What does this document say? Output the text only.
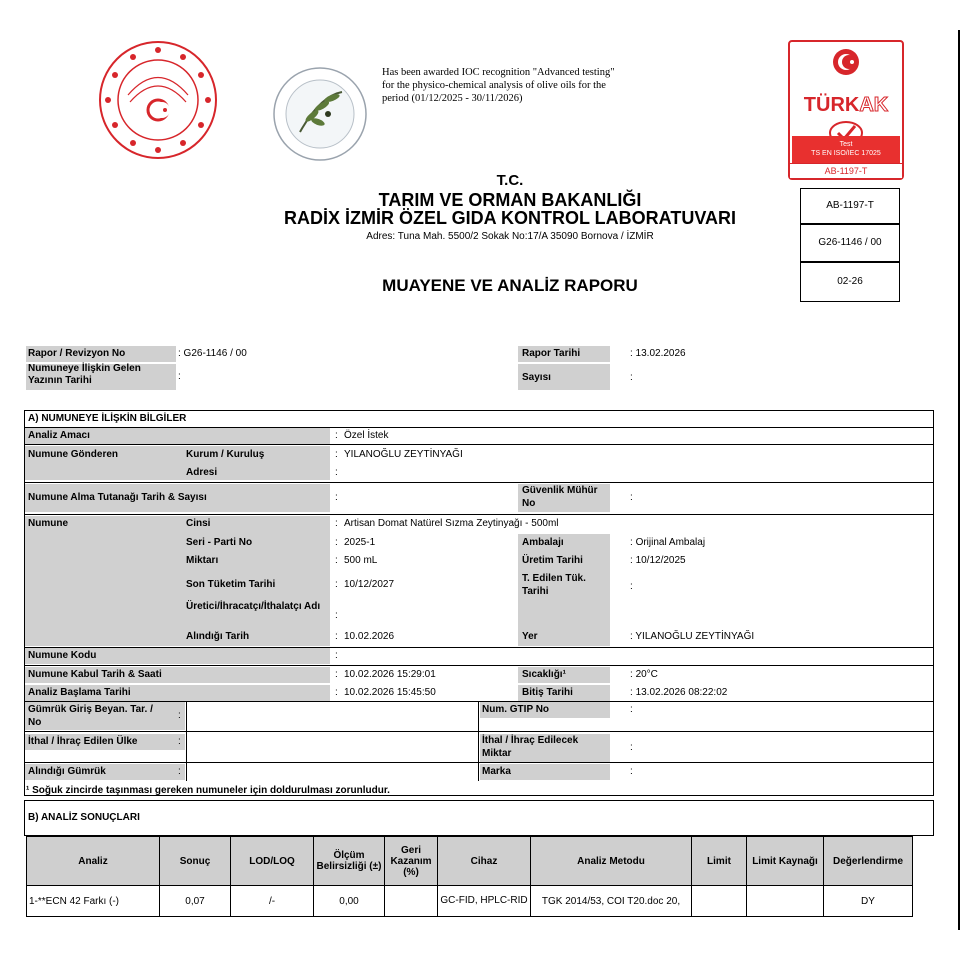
Has been awarded IOC recognition "Advanced testing" for the physico-chemical analysis of olive oils for the period (01/12/2025 - 30/11/2026)	TÜRKAK
Test
TS EN ISO/IEC 17025
AB-1197-T
AB-1197-T
G26-1146 / 00
02-26
T.C.
TARIM VE ORMAN BAKANLIĞI
RADİX İZMİR ÖZEL GIDA KONTROL LABORATUVARI
Adres: Tuna Mah. 5500/2 Sokak No:17/A 35090 Bornova / İZMİR
MUAYENE VE ANALİZ RAPORU
Rapor / Revizyon No	: G26-1146 / 00	Rapor Tarihi	: 13.02.2026
Numuneye İlişkin Gelen Yazının Tarihi	:	Sayısı	:
A) NUMUNEYE İLİŞKİN BİLGİLER
Analiz Amacı	: Özel İstek
Numune Gönderen	Kurum / Kuruluş	: YILANOĞLU ZEYTİNYAĞI
Adresi	:
Numune Alma Tutanağı Tarih & Sayısı	:
Güvenlik Mühür No
:
Numune	Cinsi	: Artisan Domat Natürel Sızma Zeytinyağı - 500ml
Seri - Parti No	: 2025-1	Ambalajı	: Orijinal Ambalaj
Miktarı	: 500 mL	Üretim Tarihi	: 10/12/2025
Son Tüketim Tarihi	: 10/12/2027
T. Edilen Tük. Tarihi	:
Üretici/İhracatçı/İthalatçı Adı
:
Alındığı Tarih	: 10.02.2026	Yer	: YILANOĞLU ZEYTİNYAĞI
Numune Kodu	:
Numune Kabul Tarih & Saati	: 10.02.2026 15:29:01	Sıcaklığı¹	: 20°C
Analiz Başlama Tarihi	: 10.02.2026 15:45:50	Bitiş Tarihi	: 13.02.2026 08:22:02
Gümrük Giriş Beyan. Tar. / No
:
Num. GTIP No	:
İthal / İhraç Edilen Ülke	:	İthal / İhraç Edilecek Miktar
:
Alındığı Gümrük	:	Marka	:
¹ Soğuk zincirde taşınması gereken numuneler için doldurulması zorunludur.
B) ANALİZ SONUÇLARI
Analiz	Sonuç	LOD/LOQ	Ölçüm Belirsizliği (±)	Geri Kazanım (%)	Cihaz	Analiz Metodu	Limit	Limit Kaynağı	Değerlendirme
1-**ECN 42 Farkı (-)	0,07	/-	0,00		GC-FID, HPLC-RID	TGK 2014/53, COI T20.doc 20,			DY
